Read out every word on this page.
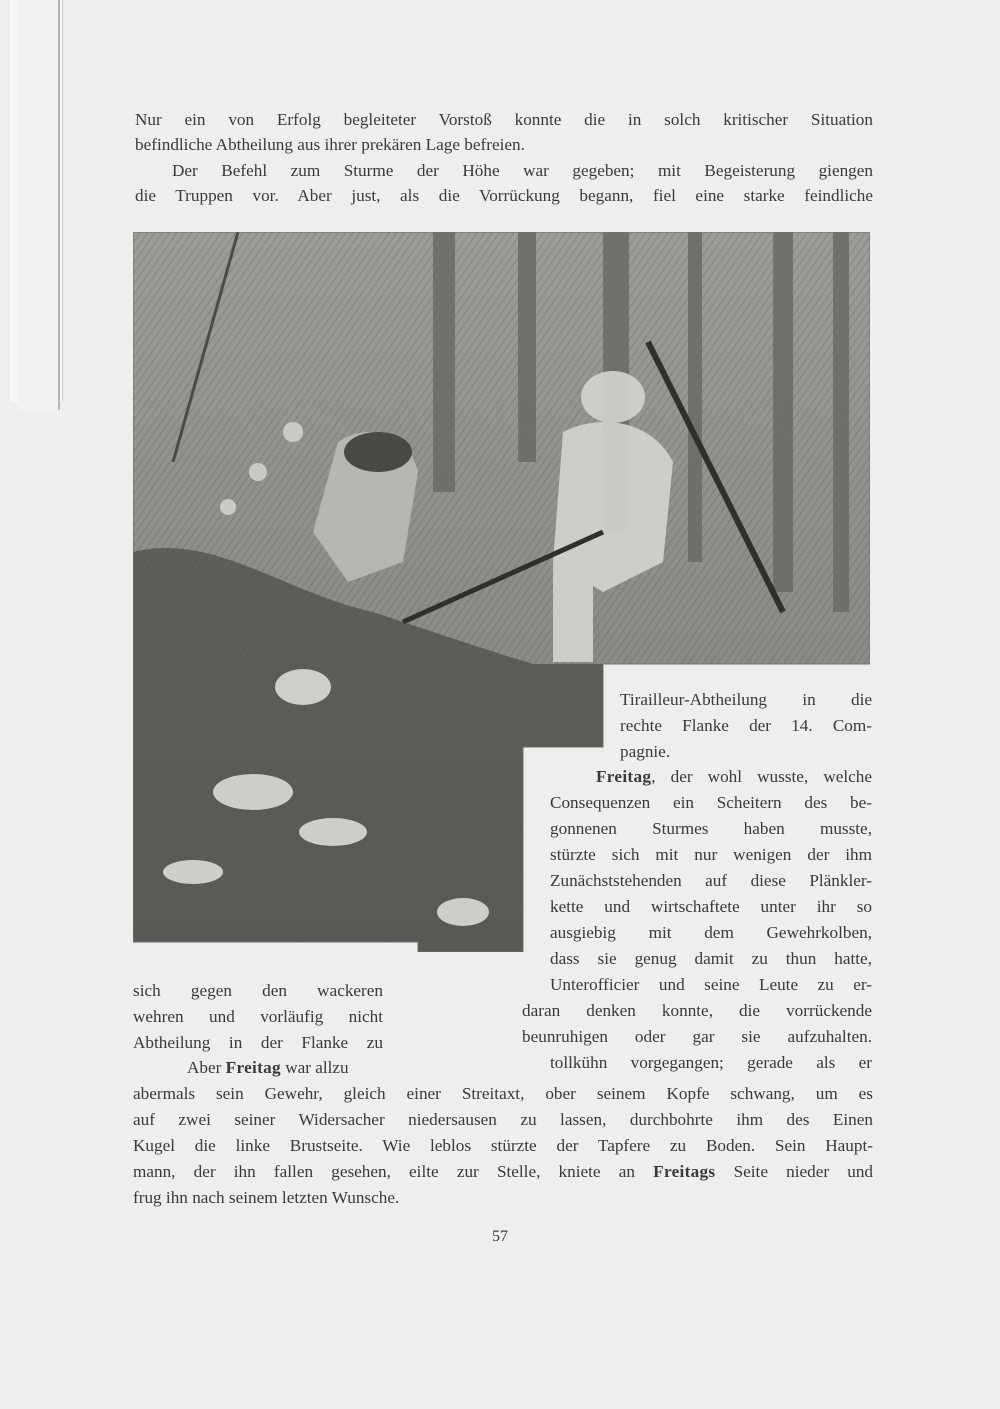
Nur ein von Erfolg begleiteter Vorstoß konnte die in solch kritischer Situation
befindliche Abtheilung aus ihrer prekären Lage befreien.
Der Befehl zum Sturme der Höhe war gegeben; mit Begeisterung giengen
die Truppen vor. Aber just, als die Vorrückung begann, fiel eine starke feindliche
Tirailleur-Abtheilung in die
rechte Flanke der 14. Com-
pagnie.
Freitag, der wohl wusste, welche
Consequenzen ein Scheitern des be-
gonnenen Sturmes haben musste,
stürzte sich mit nur wenigen der ihm
Zunächststehenden auf diese Plänkler-
kette und wirtschaftete unter ihr so
ausgiebig mit dem Gewehrkolben,
dass sie genug damit zu thun hatte,
Unterofficier und seine Leute zu er-
daran denken konnte, die vorrückende
beunruhigen oder gar sie aufzuhalten.
tollkühn vorgegangen; gerade als er
sich gegen den wackeren
wehren und vorläufig nicht
Abtheilung in der Flanke zu
Aber Freitag war allzu
abermals sein Gewehr, gleich einer Streitaxt, ober seinem Kopfe schwang, um es
auf zwei seiner Widersacher niedersausen zu lassen, durchbohrte ihm des Einen
Kugel die linke Brustseite. Wie leblos stürzte der Tapfere zu Boden. Sein Haupt-
mann, der ihn fallen gesehen, eilte zur Stelle, kniete an Freitags Seite nieder und
frug ihn nach seinem letzten Wunsche.
57
